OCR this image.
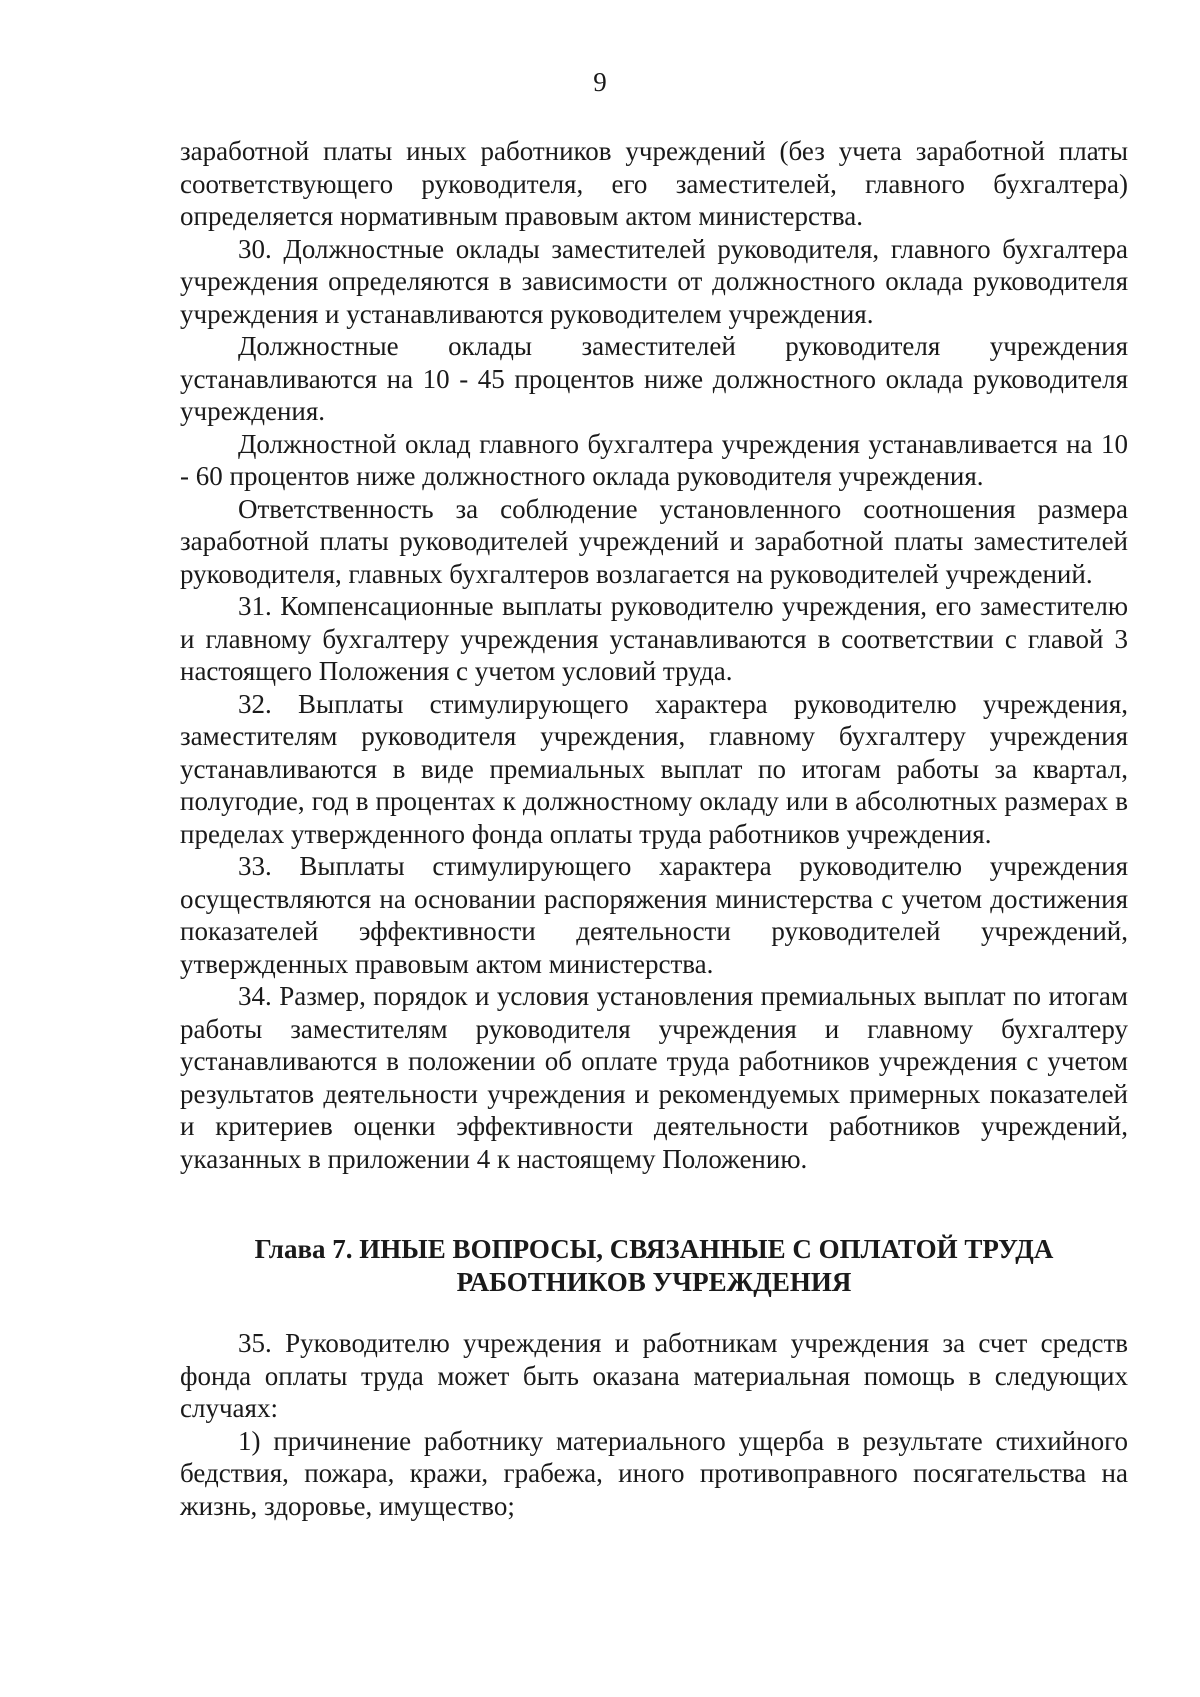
9

заработной платы иных работников учреждений (без учета заработной платы соответствующего руководителя, его заместителей, главного бухгалтера) определяется нормативным правовым актом министерства.

30. Должностные оклады заместителей руководителя, главного бухгалтера учреждения определяются в зависимости от должностного оклада руководителя учреждения и устанавливаются руководителем учреждения.

Должностные оклады заместителей руководителя учреждения устанавливаются на 10 - 45 процентов ниже должностного оклада руководителя учреждения.

Должностной оклад главного бухгалтера учреждения устанавливается на 10 - 60 процентов ниже должностного оклада руководителя учреждения.

Ответственность за соблюдение установленного соотношения размера заработной платы руководителей учреждений и заработной платы заместителей руководителя, главных бухгалтеров возлагается на руководителей учреждений.

31. Компенсационные выплаты руководителю учреждения, его заместителю и главному бухгалтеру учреждения устанавливаются в соответствии с главой 3 настоящего Положения с учетом условий труда.

32. Выплаты стимулирующего характера руководителю учреждения, заместителям руководителя учреждения, главному бухгалтеру учреждения устанавливаются в виде премиальных выплат по итогам работы за квартал, полугодие, год в процентах к должностному окладу или в абсолютных размерах в пределах утвержденного фонда оплаты труда работников учреждения.

33. Выплаты стимулирующего характера руководителю учреждения осуществляются на основании распоряжения министерства с учетом достижения показателей эффективности деятельности руководителей учреждений, утвержденных правовым актом министерства.

34. Размер, порядок и условия установления премиальных выплат по итогам работы заместителям руководителя учреждения и главному бухгалтеру устанавливаются в положении об оплате труда работников учреждения с учетом результатов деятельности учреждения и рекомендуемых примерных показателей и критериев оценки эффективности деятельности работников учреждений, указанных в приложении 4 к настоящему Положению.

Глава 7. ИНЫЕ ВОПРОСЫ, СВЯЗАННЫЕ С ОПЛАТОЙ ТРУДА РАБОТНИКОВ УЧРЕЖДЕНИЯ

35. Руководителю учреждения и работникам учреждения за счет средств фонда оплаты труда может быть оказана материальная помощь в следующих случаях:

1) причинение работнику материального ущерба в результате стихийного бедствия, пожара, кражи, грабежа, иного противоправного посягательства на жизнь, здоровье, имущество;
